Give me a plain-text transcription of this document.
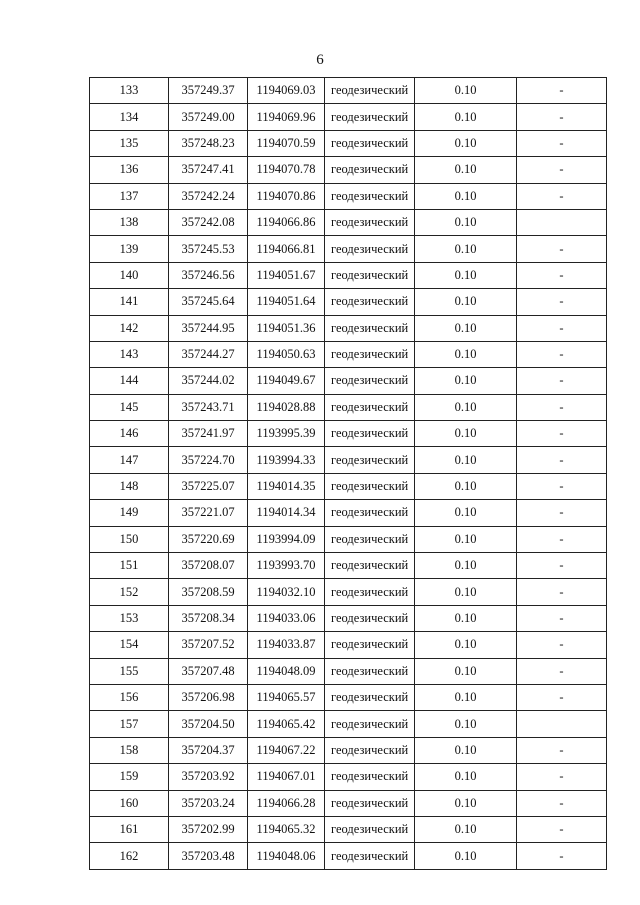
6
133	357249.37	1194069.03	геодезический	0.10	-
134	357249.00	1194069.96	геодезический	0.10	-
135	357248.23	1194070.59	геодезический	0.10	-
136	357247.41	1194070.78	геодезический	0.10	-
137	357242.24	1194070.86	геодезический	0.10	-
138	357242.08	1194066.86	геодезический	0.10	
139	357245.53	1194066.81	геодезический	0.10	-
140	357246.56	1194051.67	геодезический	0.10	-
141	357245.64	1194051.64	геодезический	0.10	-
142	357244.95	1194051.36	геодезический	0.10	-
143	357244.27	1194050.63	геодезический	0.10	-
144	357244.02	1194049.67	геодезический	0.10	-
145	357243.71	1194028.88	геодезический	0.10	-
146	357241.97	1193995.39	геодезический	0.10	-
147	357224.70	1193994.33	геодезический	0.10	-
148	357225.07	1194014.35	геодезический	0.10	-
149	357221.07	1194014.34	геодезический	0.10	-
150	357220.69	1193994.09	геодезический	0.10	-
151	357208.07	1193993.70	геодезический	0.10	-
152	357208.59	1194032.10	геодезический	0.10	-
153	357208.34	1194033.06	геодезический	0.10	-
154	357207.52	1194033.87	геодезический	0.10	-
155	357207.48	1194048.09	геодезический	0.10	-
156	357206.98	1194065.57	геодезический	0.10	-
157	357204.50	1194065.42	геодезический	0.10	
158	357204.37	1194067.22	геодезический	0.10	-
159	357203.92	1194067.01	геодезический	0.10	-
160	357203.24	1194066.28	геодезический	0.10	-
161	357202.99	1194065.32	геодезический	0.10	-
162	357203.48	1194048.06	геодезический	0.10	-
